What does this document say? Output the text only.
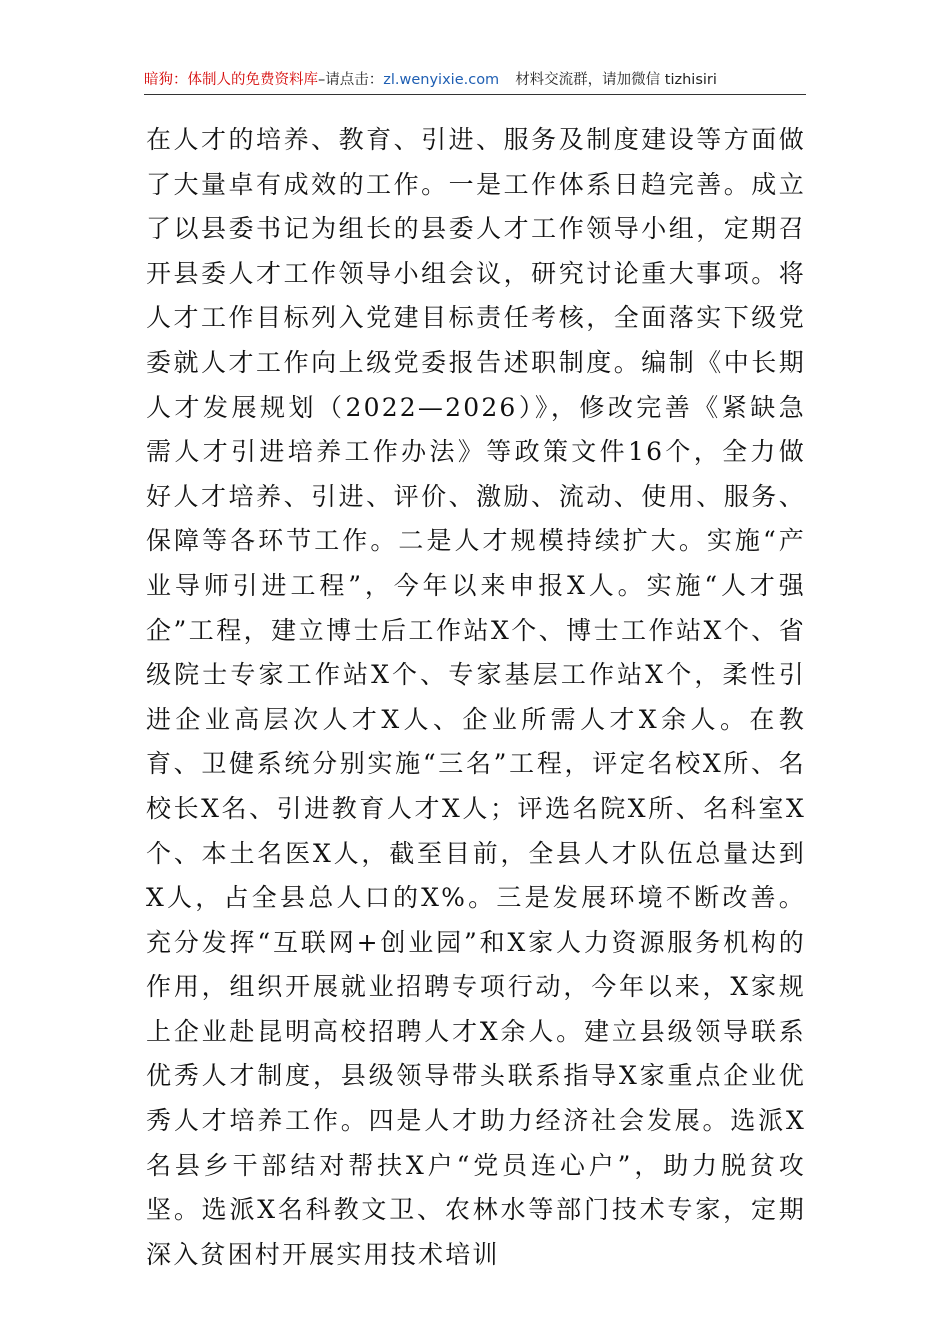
暗狗：体制人的免费资料库–请点击：zl.wenyixie.com 材料交流群，请加微信 tizhisiri

在人才的培养、教育、引进、服务及制度建设等方面做了大量卓有成效的工作。一是工作体系日趋完善。成立了以县委书记为组长的县委人才工作领导小组，定期召开县委人才工作领导小组会议，研究讨论重大事项。将人才工作目标列入党建目标责任考核，全面落实下级党委就人才工作向上级党委报告述职制度。编制《中长期人才发展规划（2022—2026）》，修改完善《紧缺急需人才引进培养工作办法》等政策文件16个，全力做好人才培养、引进、评价、激励、流动、使用、服务、保障等各环节工作。二是人才规模持续扩大。实施“产业导师引进工程”，今年以来申报X人。实施“人才强企”工程，建立博士后工作站X个、博士工作站X个、省级院士专家工作站X个、专家基层工作站X个，柔性引进企业高层次人才X人、企业所需人才X余人。在教育、卫健系统分别实施“三名”工程，评定名校X所、名校长X名、引进教育人才X人；评选名院X所、名科室X个、本土名医X人，截至目前，全县人才队伍总量达到X人，占全县总人口的X%。三是发展环境不断改善。充分发挥“互联网+创业园”和X家人力资源服务机构的作用，组织开展就业招聘专项行动，今年以来，X家规上企业赴昆明高校招聘人才X余人。建立县级领导联系优秀人才制度，县级领导带头联系指导X家重点企业优秀人才培养工作。四是人才助力经济社会发展。选派X名县乡干部结对帮扶X户“党员连心户”，助力脱贫攻坚。选派X名科教文卫、农林水等部门技术专家，定期深入贫困村开展实用技术培训
